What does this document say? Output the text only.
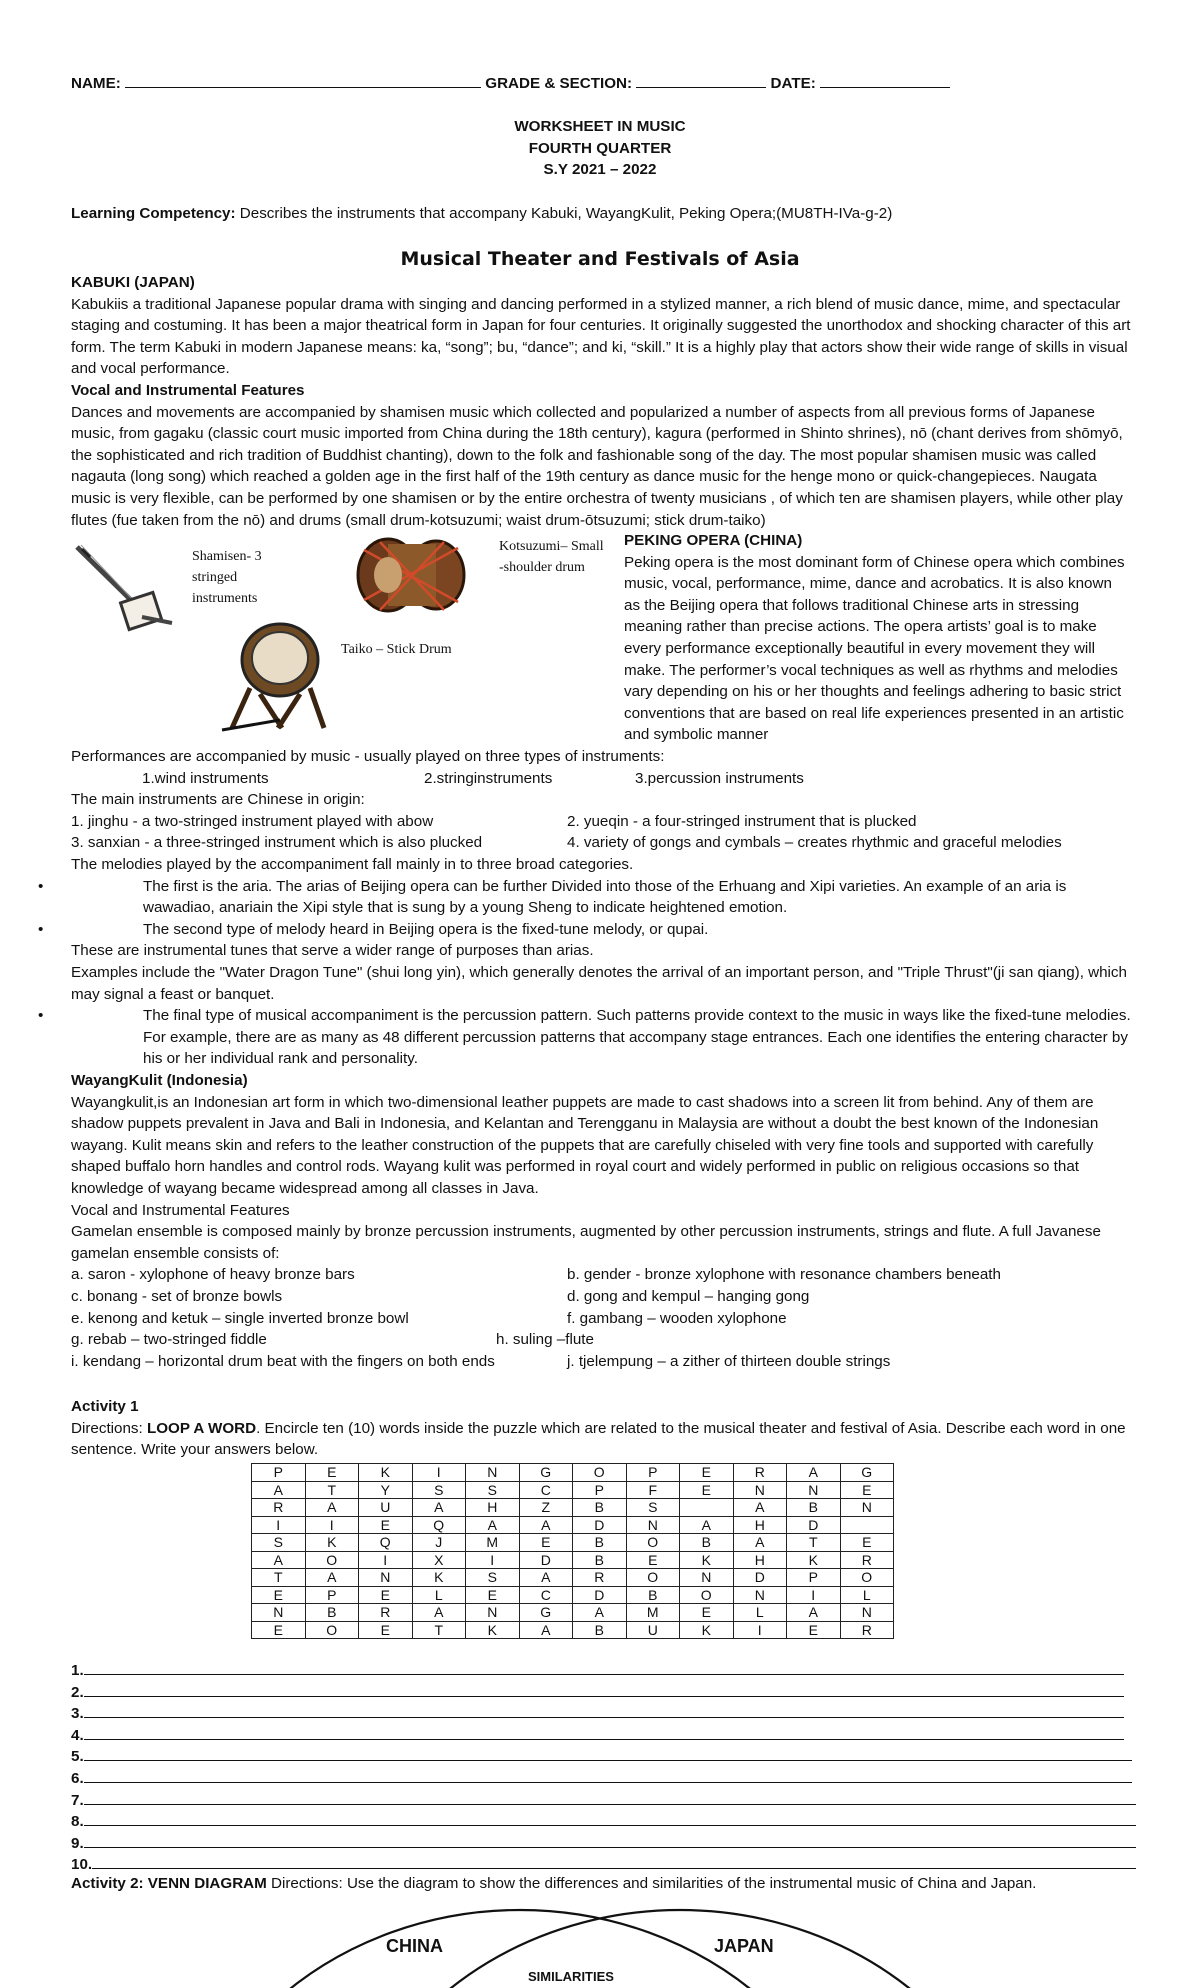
NAME:	GRADE & SECTION:	DATE:

WORKSHEET IN MUSIC

FOURTH QUARTER

S.Y 2021 – 2022

Learning Competency: Describes the instruments that accompany Kabuki, WayangKulit, Peking Opera;(MU8TH-IVa-g-2)
Musical Theater and Festivals of Asia

KABUKI (JAPAN)

Kabukiis a traditional Japanese popular drama with singing and dancing performed in a stylized manner, a rich blend of music dance, mime, and spectacular staging and costuming. It has been a major theatrical form in Japan for four centuries. It originally suggested the unorthodox and shocking character of this art form. The term Kabuki in modern Japanese means: ka, “song”; bu, “dance”; and ki, “skill.” It is a highly play that actors show their wide range of skills in visual and vocal performance.

Vocal and Instrumental Features

Dances and movements are accompanied by shamisen music which collected and popularized a number of aspects from all previous forms of Japanese music, from gagaku (classic court music imported from China during the 18th century), kagura (performed in Shinto shrines), nō (chant derives from shōmyō, the sophisticated and rich tradition of Buddhist chanting), down to the folk and fashionable song of the day. The most popular shamisen music was called nagauta (long song) which reached a golden age in the first half of the 19th century as dance music for the henge mono or quick-changepieces. Naugata music is very flexible, can be performed by one shamisen or by the entire orchestra of twenty musicians , of which ten are shamisen players, while other play flutes (fue taken from the nō) and drums (small drum-kotsuzumi; waist drum-ōtsuzumi; stick drum-taiko)

Shamisen- 3 stringed instruments
Kotsuzumi– Small -shoulder drum
Taiko – Stick Drum

PEKING OPERA (CHINA)

Peking opera is the most dominant form of Chinese opera which combines music, vocal, performance, mime, dance and acrobatics. It is also known as the Beijing opera that follows traditional Chinese arts in stressing meaning rather than precise actions. The opera artists’ goal is to make every performance exceptionally beautiful in every movement they will make. The performer’s vocal techniques as well as rhythms and melodies vary depending on his or her thoughts and feelings adhering to basic strict conventions that are based on real life experiences presented in an artistic and symbolic manner

Performances are accompanied by music - usually played on three types of instruments:

1.wind instruments	2.stringinstruments	3.percussion instruments

The main instruments are Chinese in origin:

1. jinghu - a two-stringed instrument played with abow	2. yueqin - a four-stringed instrument that is plucked
3. sanxian - a three-stringed instrument which is also plucked	4. variety of gongs and cymbals – creates rhythmic and graceful melodies

The melodies played by the accompaniment fall mainly in to three broad categories.

• The first is the aria. The arias of Beijing opera can be further Divided into those of the Erhuang and Xipi varieties. An example of an aria is wawadiao, anariain the Xipi style that is sung by a young Sheng to indicate heightened emotion.

• The second type of melody heard in Beijing opera is the fixed-tune melody, or qupai.

These are instrumental tunes that serve a wider range of purposes than arias.

Examples include the "Water Dragon Tune" (shui long yin), which generally denotes the arrival of an important person, and "Triple Thrust"(ji san qiang), which may signal a feast or banquet.

• The final type of musical accompaniment is the percussion pattern. Such patterns provide context to the music in ways like the fixed-tune melodies. For example, there are as many as 48 different percussion patterns that accompany stage entrances. Each one identifies the entering character by his or her individual rank and personality.

WayangKulit (Indonesia)

Wayangkulit,is an Indonesian art form in which two-dimensional leather puppets are made to cast shadows into a screen lit from behind. Any of them are shadow puppets prevalent in Java and Bali in Indonesia, and Kelantan and Terengganu in Malaysia are without a doubt the best known of the Indonesian wayang. Kulit means skin and refers to the leather construction of the puppets that are carefully chiseled with very fine tools and supported with carefully shaped buffalo horn handles and control rods. Wayang kulit was performed in royal court and widely performed in public on religious occasions so that knowledge of wayang became widespread among all classes in Java.

Vocal and Instrumental Features

Gamelan ensemble is composed mainly by bronze percussion instruments, augmented by other percussion instruments, strings and flute. A full Javanese gamelan ensemble consists of:

a. saron - xylophone of heavy bronze bars	b. gender - bronze xylophone with resonance chambers beneath
c. bonang - set of bronze bowls	d. gong and kempul – hanging gong
e. kenong and ketuk – single inverted bronze bowl	f. gambang – wooden xylophone
g. rebab – two-stringed fiddle	h. suling –flute
i. kendang – horizontal drum beat with the fingers on both ends	j. tjelempung – a zither of thirteen double strings

Activity 1

Directions: LOOP A WORD. Encircle ten (10) words inside the puzzle which are related to the musical theater and festival of Asia. Describe each word in one sentence. Write your answers below.

P	E	K	I	N	G	O	P	E	R	A	G
A	T	Y	S	S	C	P	F	E	N	N	E
R	A	U	A	H	Z	B	S		A	B	N
I	I	E	Q	A	A	D	N	A	H	D	
S	K	Q	J	M	E	B	O	B	A	T	E
A	O	I	X	I	D	B	E	K	H	K	R
T	A	N	K	S	A	R	O	N	D	P	O
E	P	E	L	E	C	D	B	O	N	I	L
N	B	R	A	N	G	A	M	E	L	A	N
E	O	E	T	K	A	B	U	K	I	E	R
1.
2.
3.
4.
5.
6.
7.
8.
9.
10.
Activity 2: VENN DIAGRAM Directions: Use the diagram to show the differences and similarities of the instrumental music of China and Japan.
CHINA	JAPAN
SIMILARITIES
